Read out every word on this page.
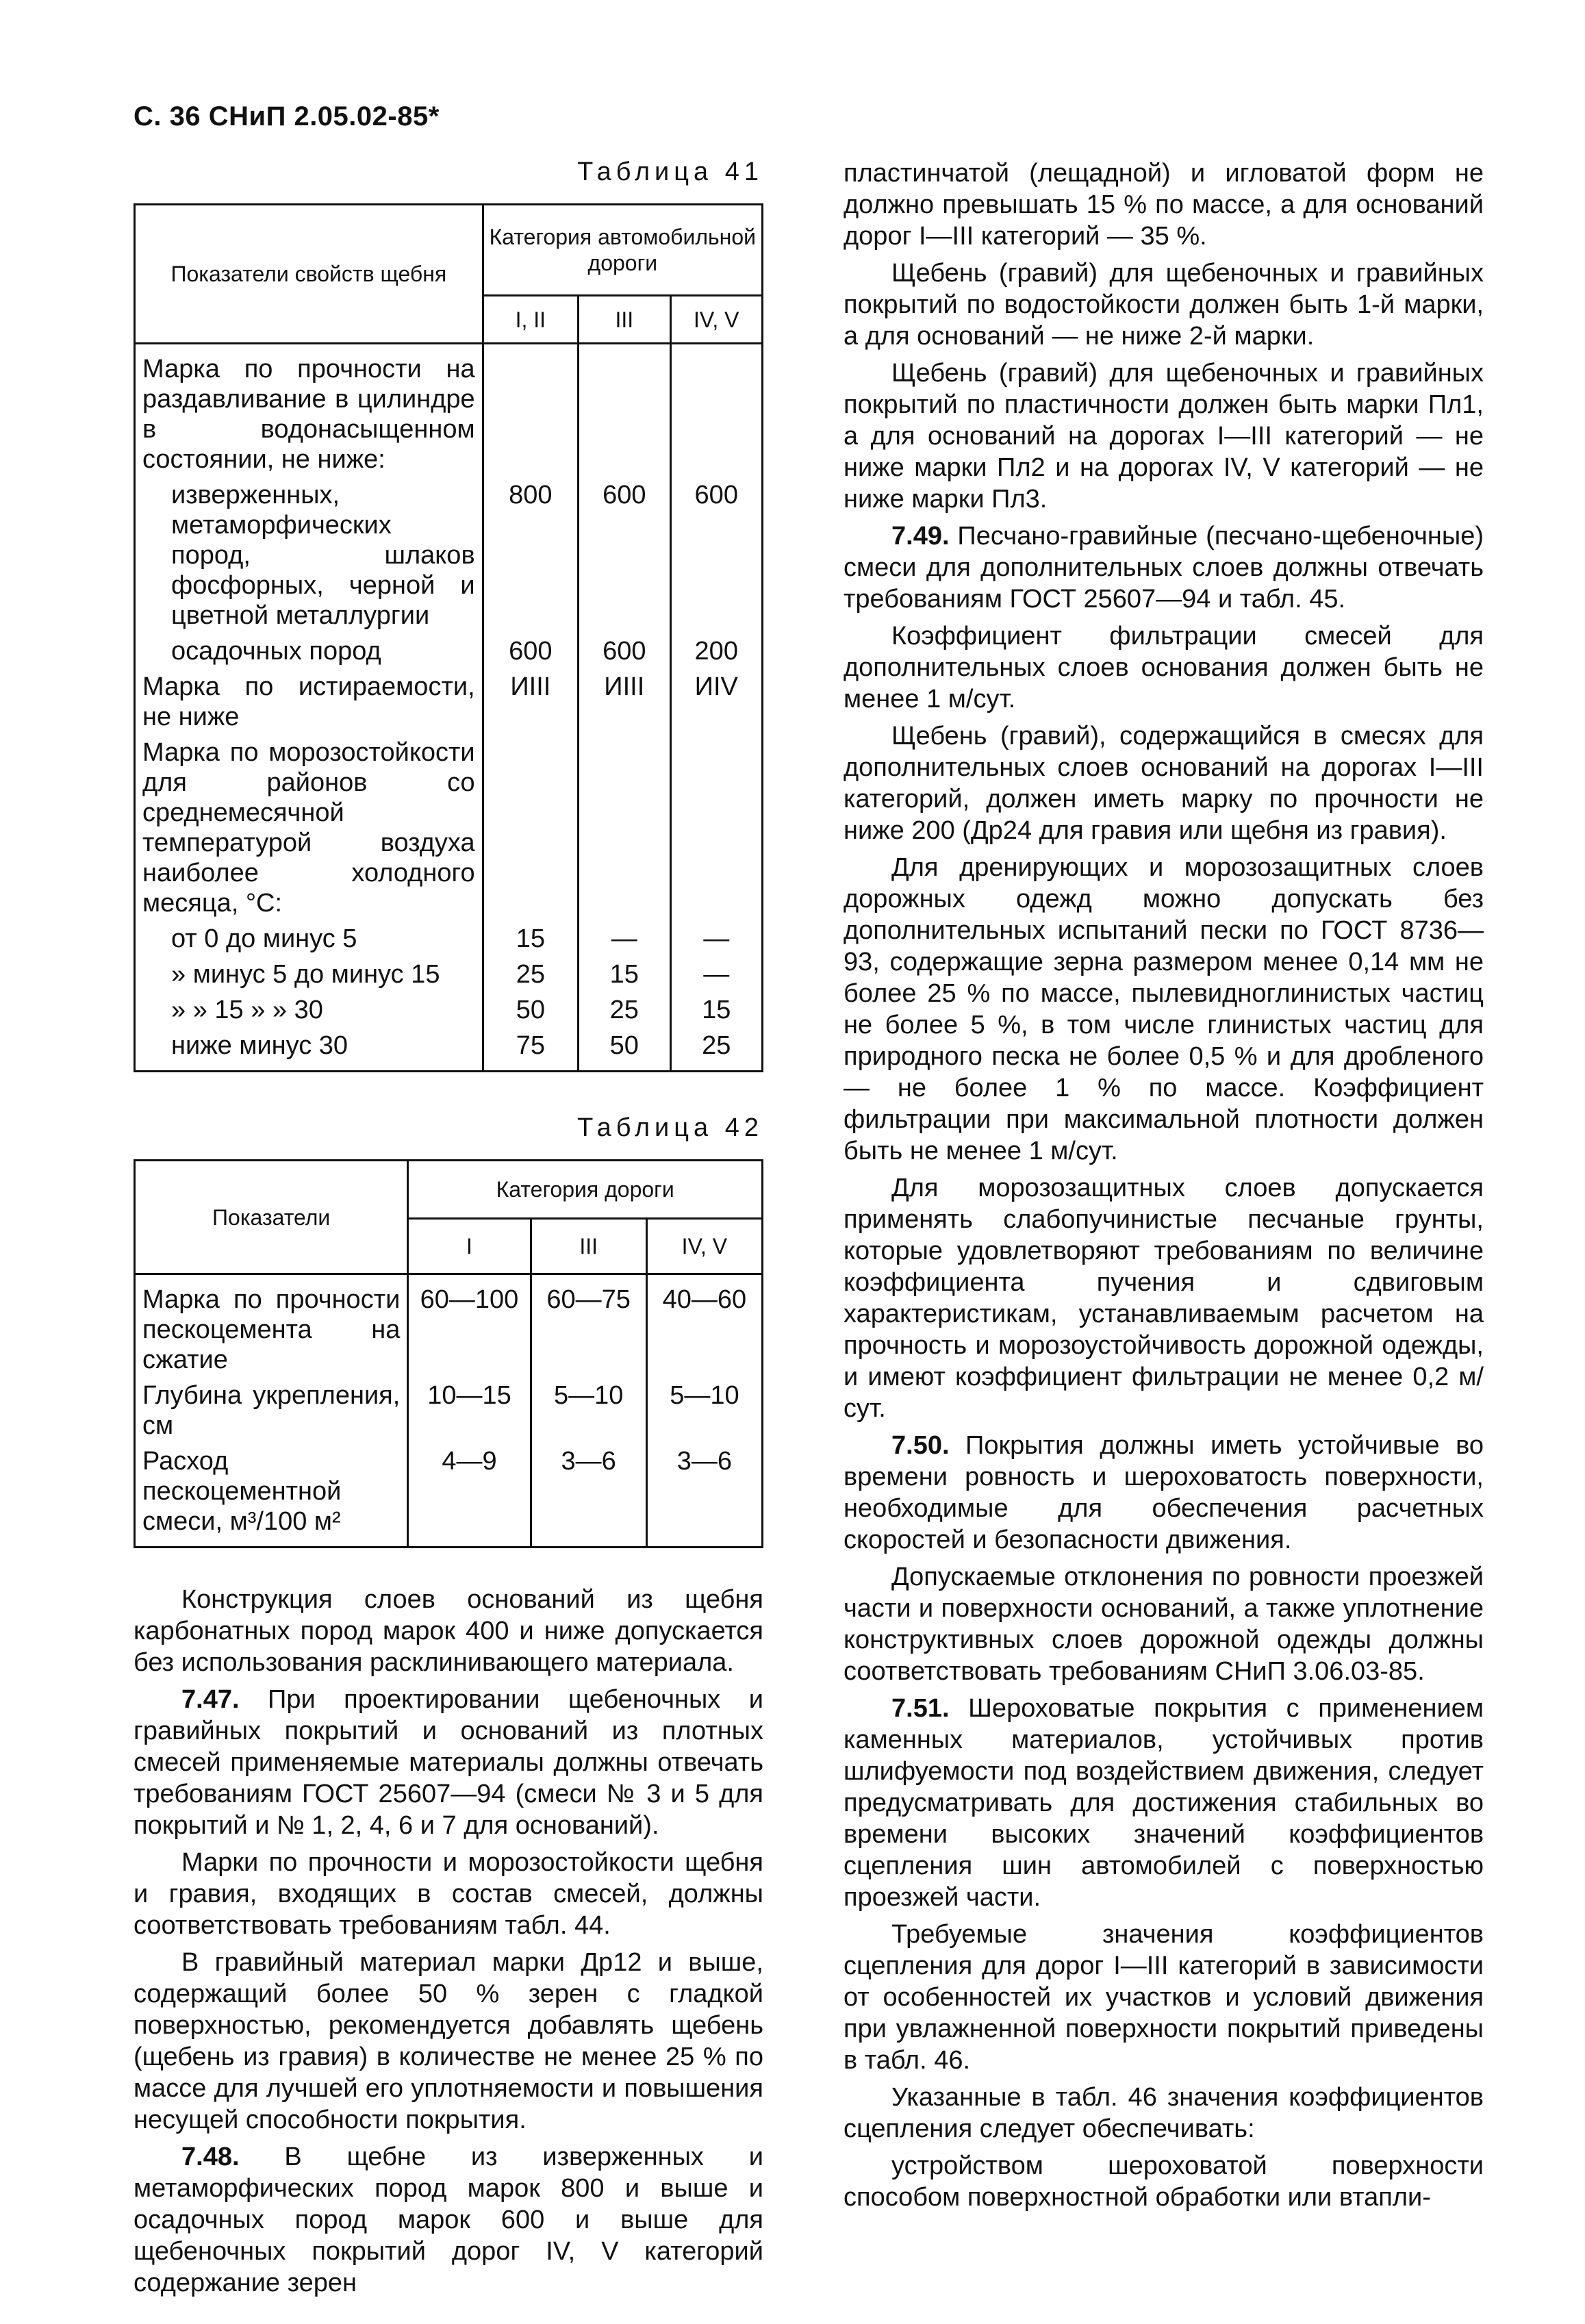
С. 36 СНиП 2.05.02-85*
Таблица 41
Показатели свойств щебня	Категория автомобильной дороги		
	I, II	III	IV, V
Марка по прочности на раздавливание в цилиндре в водонасыщенном состоянии, не ниже:			
изверженных, метаморфических пород, шлаков фосфорных, черной и цветной металлургии	800	600	600
осадочных пород	600	600	200
Марка по истираемости, не ниже	ИIII	ИIII	ИIV
Марка по морозостойкости для районов со среднемесячной температурой воздуха наиболее холодного месяца, °С:			
от 0 до минус 5	15	—	—
» минус 5 до минус 15	25	15	—
» » 15 » » 30	50	25	15
ниже минус 30	75	50	25
Таблица 42
Показатели	Категория дороги		
	I	III	IV, V
Марка по прочности пескоцемента на сжатие	60—100	60—75	40—60
Глубина укрепления, см	10—15	5—10	5—10
Расход пескоцементной смеси, м³/100 м²	4—9	3—6	3—6

Конструкция слоев оснований из щебня карбонатных пород марок 400 и ниже допускается без использования расклинивающего материала.

7.47. При проектировании щебеночных и гравийных покрытий и оснований из плотных смесей применяемые материалы должны отвечать требованиям ГОСТ 25607—94 (смеси № 3 и 5 для покрытий и № 1, 2, 4, 6 и 7 для оснований).

Марки по прочности и морозостойкости щебня и гравия, входящих в состав смесей, должны соответствовать требованиям табл. 44.

В гравийный материал марки Др12 и выше, содержащий более 50 % зерен с гладкой поверхностью, рекомендуется добавлять щебень (щебень из гравия) в количестве не менее 25 % по массе для лучшей его уплотняемости и повышения несущей способности покрытия.

7.48. В щебне из изверженных и метаморфических пород марок 800 и выше и осадочных пород марок 600 и выше для щебеночных покрытий дорог IV, V категорий содержание зерен

пластинчатой (лещадной) и игловатой форм не должно превышать 15 % по массе, а для оснований дорог I—III категорий — 35 %.

Щебень (гравий) для щебеночных и гравийных покрытий по водостойкости должен быть 1-й марки, а для оснований — не ниже 2-й марки.

Щебень (гравий) для щебеночных и гравийных покрытий по пластичности должен быть марки Пл1, а для оснований на дорогах I—III категорий — не ниже марки Пл2 и на дорогах IV, V категорий — не ниже марки Пл3.

7.49. Песчано-гравийные (песчано-щебеночные) смеси для дополнительных слоев должны отвечать требованиям ГОСТ 25607—94 и табл. 45.

Коэффициент фильтрации смесей для дополнительных слоев основания должен быть не менее 1 м/сут.

Щебень (гравий), содержащийся в смесях для дополнительных слоев оснований на дорогах I—III категорий, должен иметь марку по прочности не ниже 200 (Др24 для гравия или щебня из гравия).

Для дренирующих и морозозащитных слоев дорожных одежд можно допускать без дополнительных испытаний пески по ГОСТ 8736—93, содержащие зерна размером менее 0,14 мм не более 25 % по массе, пылевидноглинистых частиц не более 5 %, в том числе глинистых частиц для природного песка не более 0,5 % и для дробленого — не более 1 % по массе. Коэффициент фильтрации при максимальной плотности должен быть не менее 1 м/сут.

Для морозозащитных слоев допускается применять слабопучинистые песчаные грунты, которые удовлетворяют требованиям по величине коэффициента пучения и сдвиговым характеристикам, устанавливаемым расчетом на прочность и морозоустойчивость дорожной одежды, и имеют коэффициент фильтрации не менее 0,2 м/сут.

7.50. Покрытия должны иметь устойчивые во времени ровность и шероховатость поверхности, необходимые для обеспечения расчетных скоростей и безопасности движения.

Допускаемые отклонения по ровности проезжей части и поверхности оснований, а также уплотнение конструктивных слоев дорожной одежды должны соответствовать требованиям СНиП 3.06.03-85.

7.51. Шероховатые покрытия с применением каменных материалов, устойчивых против шлифуемости под воздействием движения, следует предусматривать для достижения стабильных во времени высоких значений коэффициентов сцепления шин автомобилей с поверхностью проезжей части.

Требуемые значения коэффициентов сцепления для дорог I—III категорий в зависимости от особенностей их участков и условий движения при увлажненной поверхности покрытий приведены в табл. 46.

Указанные в табл. 46 значения коэффициентов сцепления следует обеспечивать:

устройством шероховатой поверхности способом поверхностной обработки или втапли-
